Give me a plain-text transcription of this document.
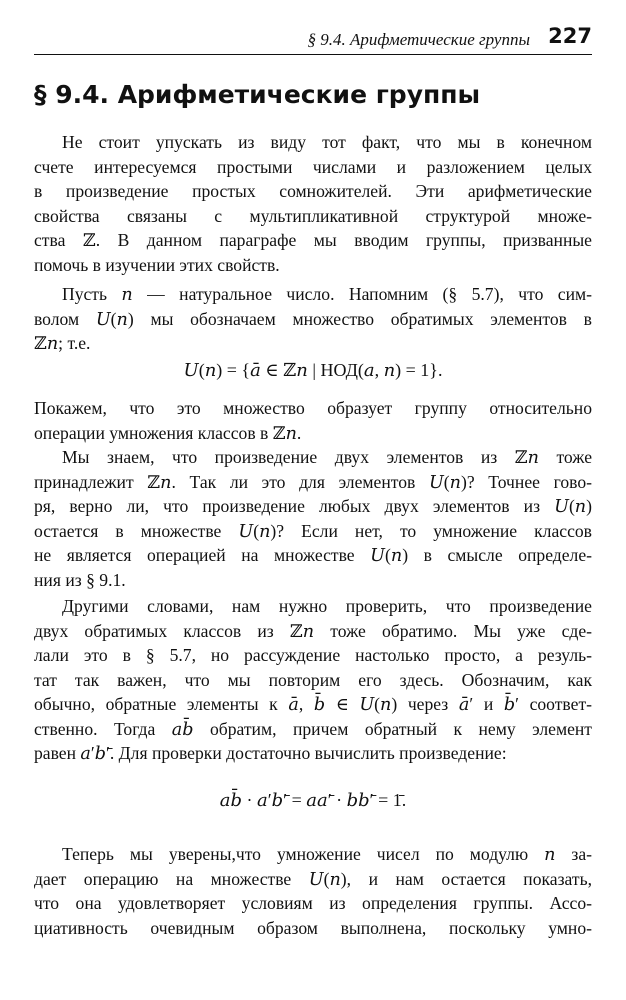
§ 9.4. Арифметические группы 227
§ 9.4. Арифметические группы
Не стоит упускать из виду тот факт, что мы в конечном
счете интересуемся простыми числами и разложением целых
в произведение простых сомножителей. Эти арифметические
свойства связаны с мультипликативной структурой множе-
ства ℤ. В данном параграфе мы вводим группы, призванные
помочь в изучении этих свойств.
Пусть 𝑛 — натуральное число. Напомним (§ 5.7), что сим-
волом 𝑈(𝑛) мы обозначаем множество обратимых элементов в
ℤ𝑛; т.е.

𝑈(𝑛) = {𝑎̄ ∈ ℤ𝑛 | НОД(𝑎, 𝑛) = 1}.

Покажем, что это множество образует группу относительно
операции умножения классов в ℤ𝑛.
Мы знаем, что произведение двух элементов из ℤ𝑛 тоже
принадлежит ℤ𝑛. Так ли это для элементов 𝑈(𝑛)? Точнее гово-
ря, верно ли, что произведение любых двух элементов из 𝑈(𝑛)
остается в множестве 𝑈(𝑛)? Если нет, то умножение классов
не является операцией на множестве 𝑈(𝑛) в смысле определе-
ния из § 9.1.
Другими словами, нам нужно проверить, что произведение
двух обратимых классов из ℤ𝑛 тоже обратимо. Мы уже сде-
лали это в § 5.7, но рассуждение настолько просто, а резуль-
тат так важен, что мы повторим его здесь. Обозначим, как
обычно, обратные элементы к 𝑎̄, 𝑏̄ ∈ 𝑈(𝑛) через 𝑎̄′ и 𝑏̄′ соответ-
ственно. Тогда 𝑎𝑏̄ обратим, причем обратный к нему элемент
равен 𝑎′𝑏′̄. Для проверки достаточно вычислить произведение:

𝑎𝑏̄ · 𝑎′𝑏′̄ = 𝑎𝑎′̄ · 𝑏𝑏′̄ = 1̄.

Теперь мы уверены,что умножение чисел по модулю 𝑛 за-
дает операцию на множестве 𝑈(𝑛), и нам остается показать,
что она удовлетворяет условиям из определения группы. Ассо-
циативность очевидным образом выполнена, поскольку умно-
